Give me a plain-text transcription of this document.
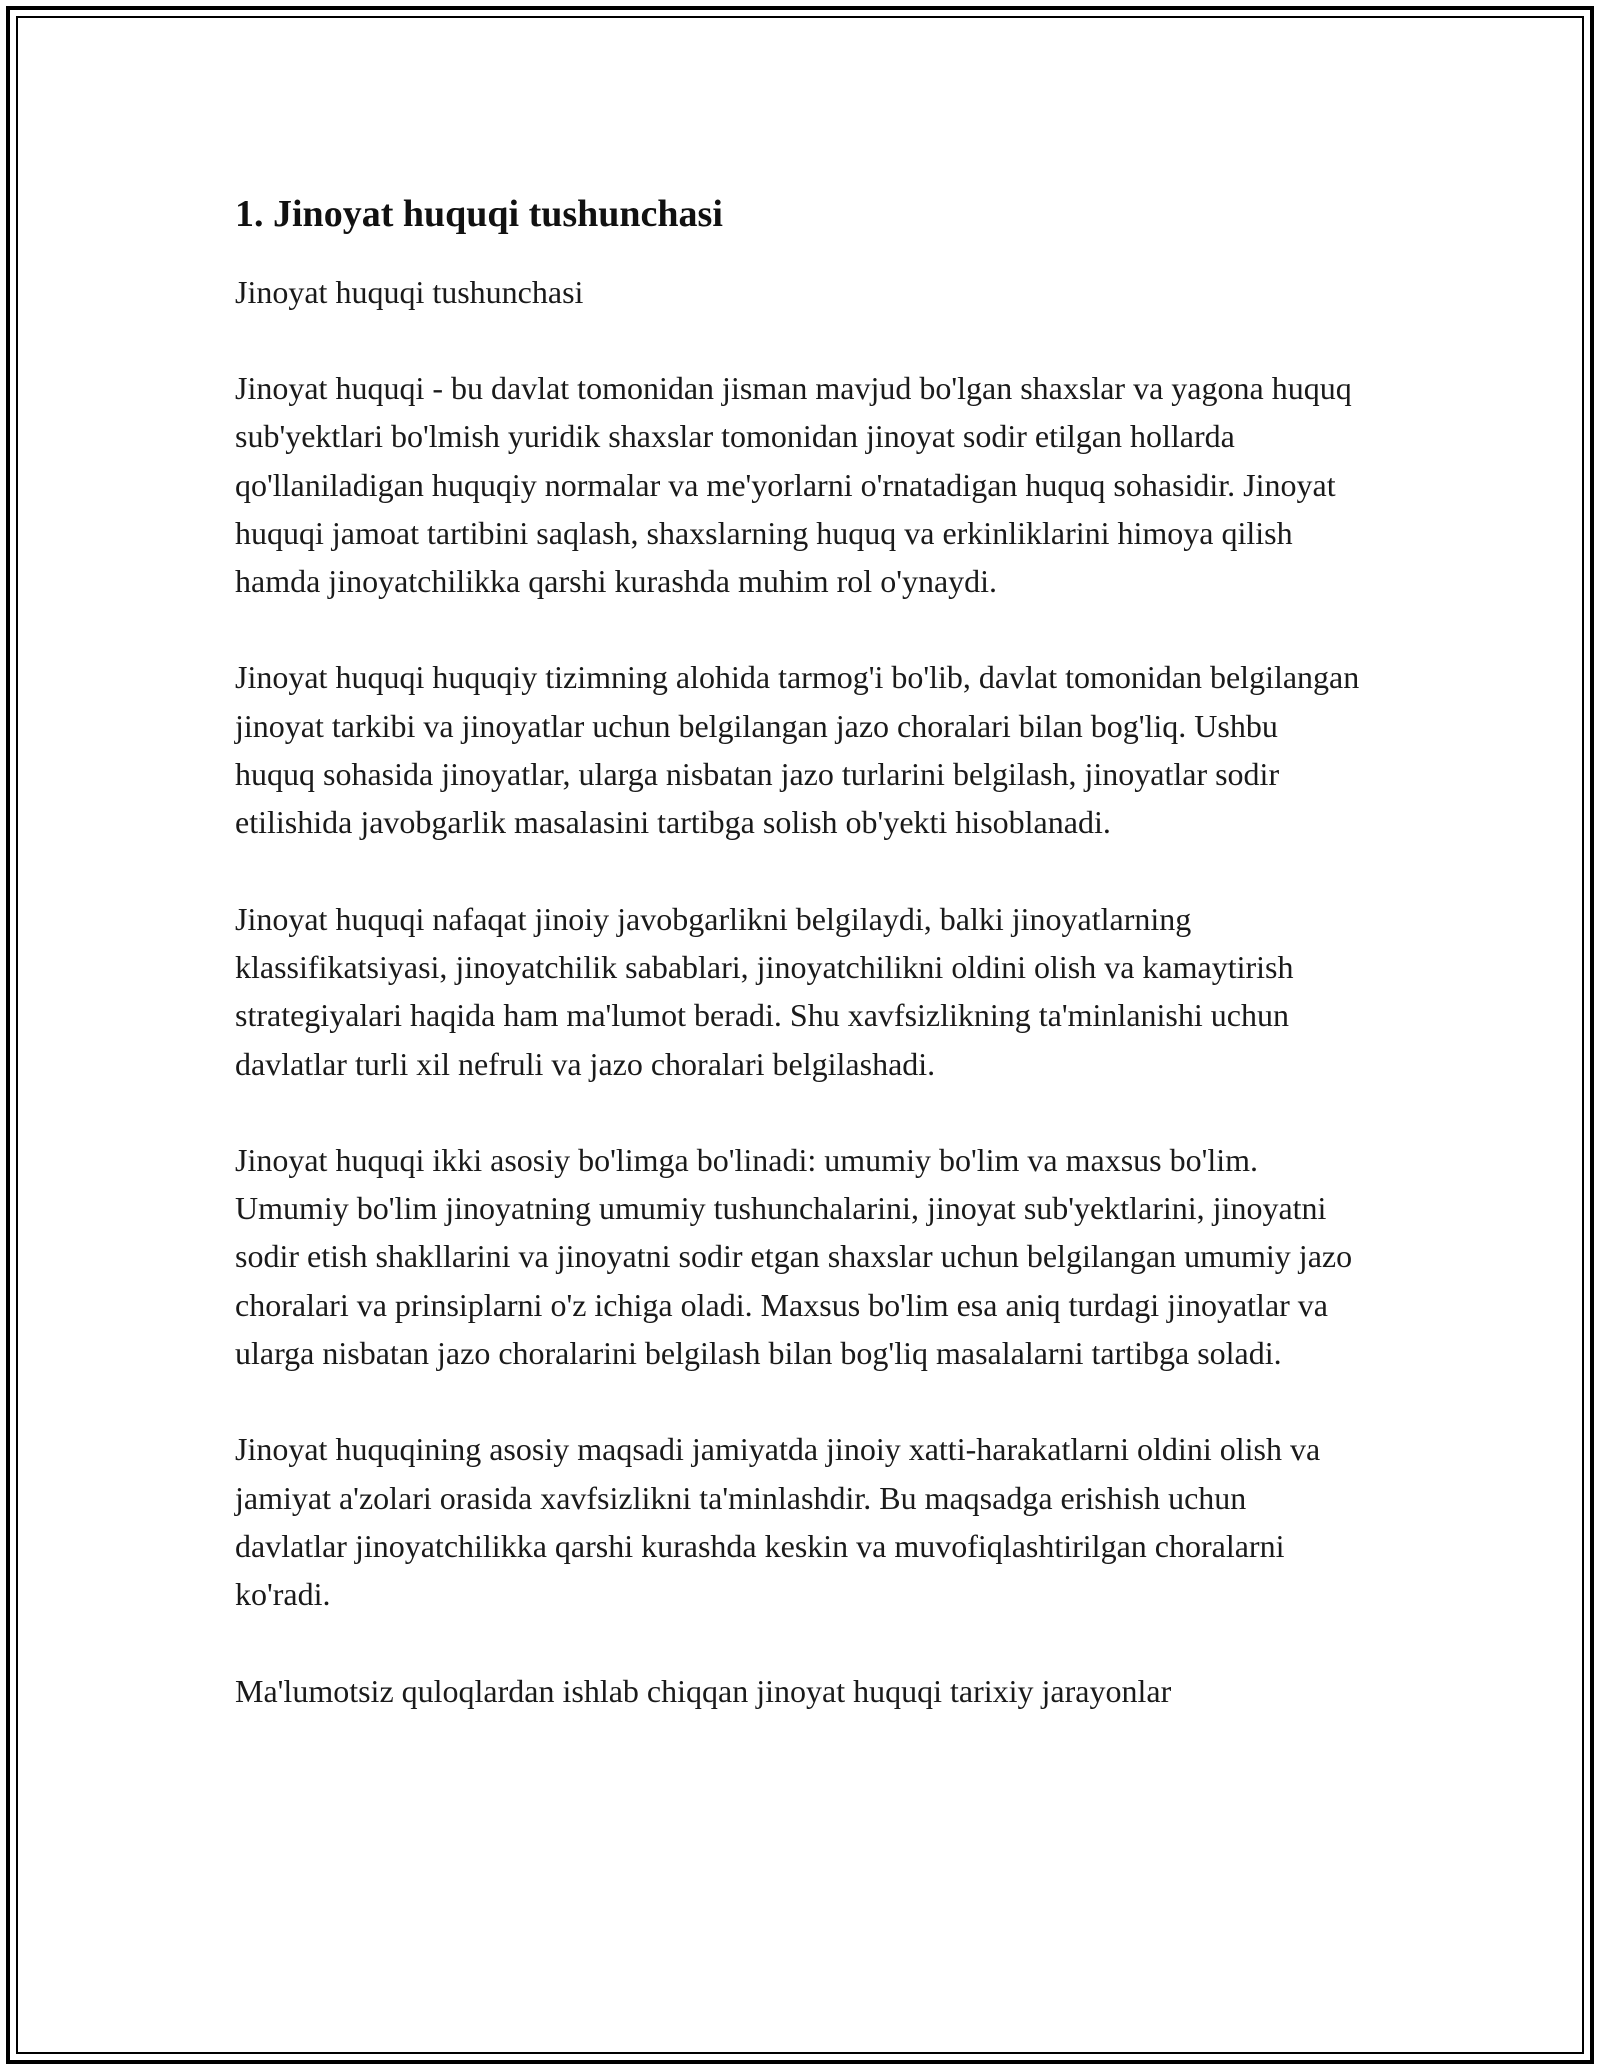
1. Jinoyat huquqi tushunchasi

Jinoyat huquqi tushunchasi

Jinoyat huquqi - bu davlat tomonidan jisman mavjud bo'lgan shaxslar va yagona huquq sub'yektlari bo'lmish yuridik shaxslar tomonidan jinoyat sodir etilgan hollarda qo'llaniladigan huquqiy normalar va me'yorlarni o'rnatadigan huquq sohasidir. Jinoyat huquqi jamoat tartibini saqlash, shaxslarning huquq va erkinliklarini himoya qilish hamda jinoyatchilikka qarshi kurashda muhim rol o'ynaydi.

Jinoyat huquqi huquqiy tizimning alohida tarmog'i bo'lib, davlat tomonidan belgilangan jinoyat tarkibi va jinoyatlar uchun belgilangan jazo choralari bilan bog'liq. Ushbu huquq sohasida jinoyatlar, ularga nisbatan jazo turlarini belgilash, jinoyatlar sodir etilishida javobgarlik masalasini tartibga solish ob'yekti hisoblanadi.

Jinoyat huquqi nafaqat jinoiy javobgarlikni belgilaydi, balki jinoyatlarning klassifikatsiyasi, jinoyatchilik sabablari, jinoyatchilikni oldini olish va kamaytirish strategiyalari haqida ham ma'lumot beradi. Shu xavfsizlikning ta'minlanishi uchun davlatlar turli xil nefruli va jazo choralari belgilashadi.

Jinoyat huquqi ikki asosiy bo'limga bo'linadi: umumiy bo'lim va maxsus bo'lim. Umumiy bo'lim jinoyatning umumiy tushunchalarini, jinoyat sub'yektlarini, jinoyatni sodir etish shakllarini va jinoyatni sodir etgan shaxslar uchun belgilangan umumiy jazo choralari va prinsiplarni o'z ichiga oladi. Maxsus bo'lim esa aniq turdagi jinoyatlar va ularga nisbatan jazo choralarini belgilash bilan bog'liq masalalarni tartibga soladi.

Jinoyat huquqining asosiy maqsadi jamiyatda jinoiy xatti-harakatlarni oldini olish va jamiyat a'zolari orasida xavfsizlikni ta'minlashdir. Bu maqsadga erishish uchun davlatlar jinoyatchilikka qarshi kurashda keskin va muvofiqlashtirilgan choralarni ko'radi.

Ma'lumotsiz quloqlardan ishlab chiqqan jinoyat huquqi tarixiy jarayonlar
